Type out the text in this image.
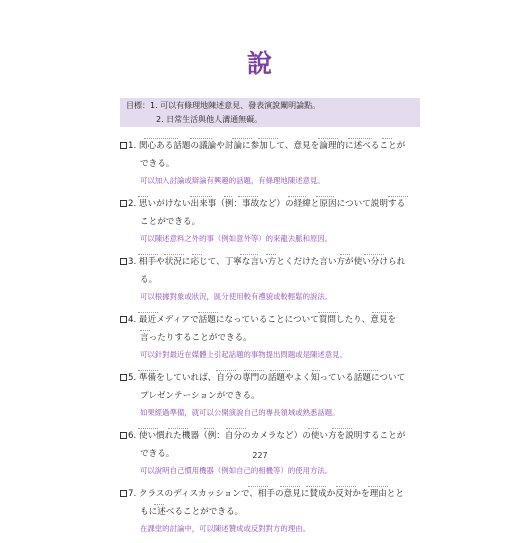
說
目標：1. 可以有條理地陳述意見、發表演說闡明論點。
2. 日常生活與他人溝通無礙。
1. 関心ある話題の議論や討論に参加して、意見を論理的に述べることが
できる。
可以加入討論或辯論有興趣的話題，有條理地陳述意見。
2. 思いがけない出来事（例：事故など）の経緯と原因について説明する
ことができる。
可以陳述意料之外的事（例如意外等）的來龍去脈和原因。
3. 相手や状況に応じて、丁寧な言い方とくだけた言い方が使い分けられ
る。
可以根據對象或狀況，區分使用較有禮貌或較輕鬆的說法。
4. 最近メディアで話題になっていることについて質問したり、意見を
言ったりすることができる。
可以針對最近在媒體上引起話題的事物提出問題或是陳述意見。
5. 準備をしていれば、自分の専門の話題やよく知っている話題について
プレゼンテーションができる。
如果經過準備，就可以公開演說自己的專長領域或熟悉話題。
6. 使い慣れた機器（例：自分のカメラなど）の使い方を説明することが
できる。
可以說明自己慣用機器（例如自己的相機等）的使用方法。
7. クラスのディスカッションで、相手の意見に賛成か反対かを理由とと
もに述べることができる。
在課堂的討論中，可以陳述贊成或反對對方的理由。
227
